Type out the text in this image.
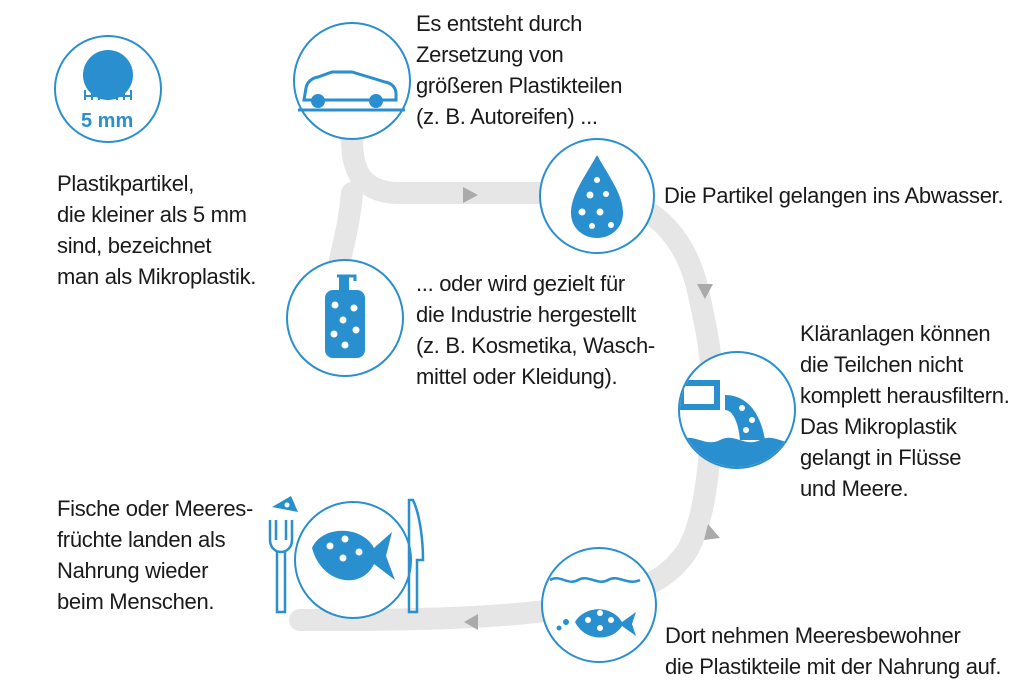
5 mm
Plastikpartikel,
die kleiner als 5 mm
sind, bezeichnet
man als Mikroplastik.
Es entsteht durch
Zersetzung von
größeren Plastikteilen
(z. B. Autoreifen) ...
... oder wird gezielt für
die Industrie hergestellt
(z. B. Kosmetika, Wasch-
mittel oder Kleidung).
Die Partikel gelangen ins Abwasser.
Kläranlagen können
die Teilchen nicht
komplett herausfiltern.
Das Mikroplastik
gelangt in Flüsse
und Meere.
Dort nehmen Meeresbewohner
die Plastikteile mit der Nahrung auf.
Fische oder Meeres-
früchte landen als
Nahrung wieder
beim Menschen.
